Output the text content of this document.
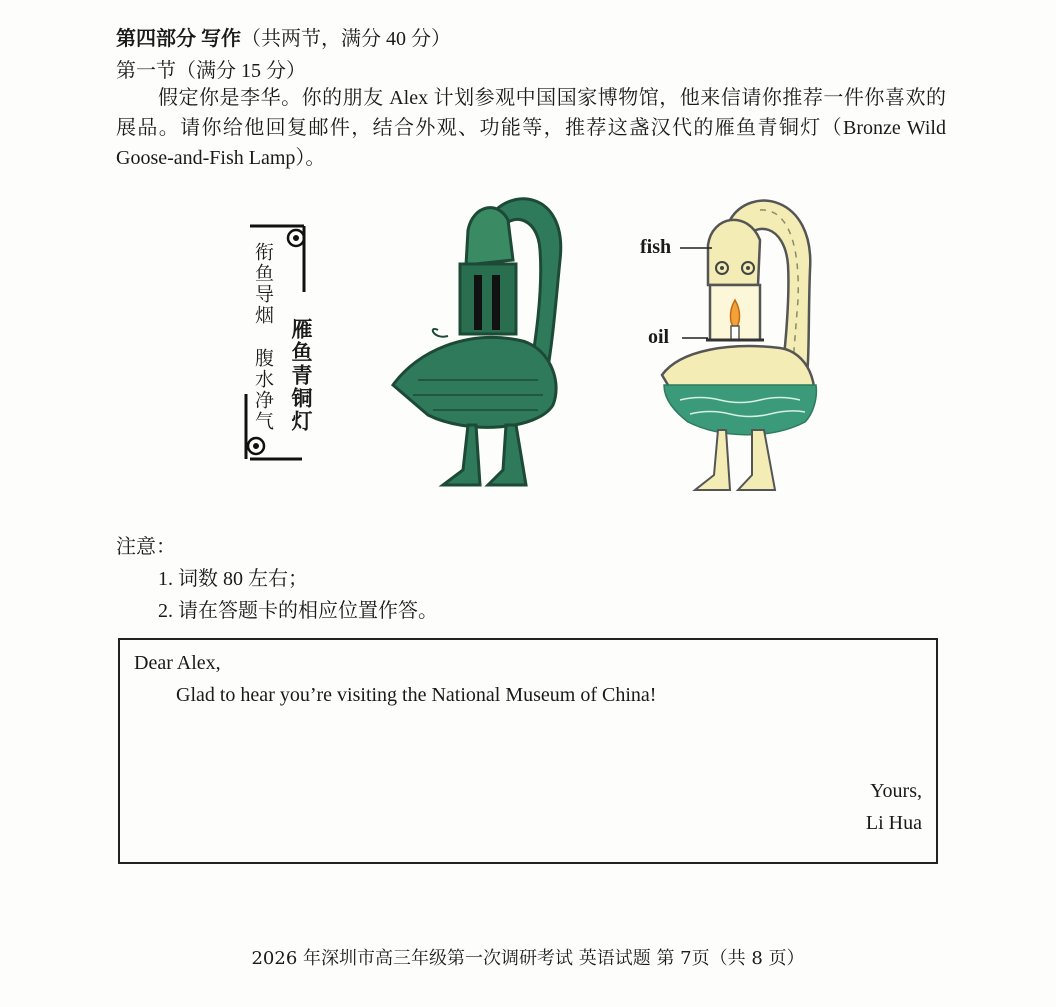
第四部分 写作（共两节，满分 40 分）
第一节（满分 15 分）
假定你是李华。你的朋友 Alex 计划参观中国国家博物馆，他来信请你推荐一件你喜欢的展品。请你给他回复邮件，结合外观、功能等，推荐这盏汉代的雁鱼青铜灯（Bronze Wild Goose-and-Fish Lamp）。
雁鱼青铜灯
衔鱼导烟
腹水净气
fish
oil
注意：
1. 词数 80 左右；
2. 请在答题卡的相应位置作答。
Dear Alex,
Glad to hear you’re visiting the National Museum of China!
Yours,
Li Hua
2026 年深圳市高三年级第一次调研考试 英语试题 第 7页（共 8 页）
